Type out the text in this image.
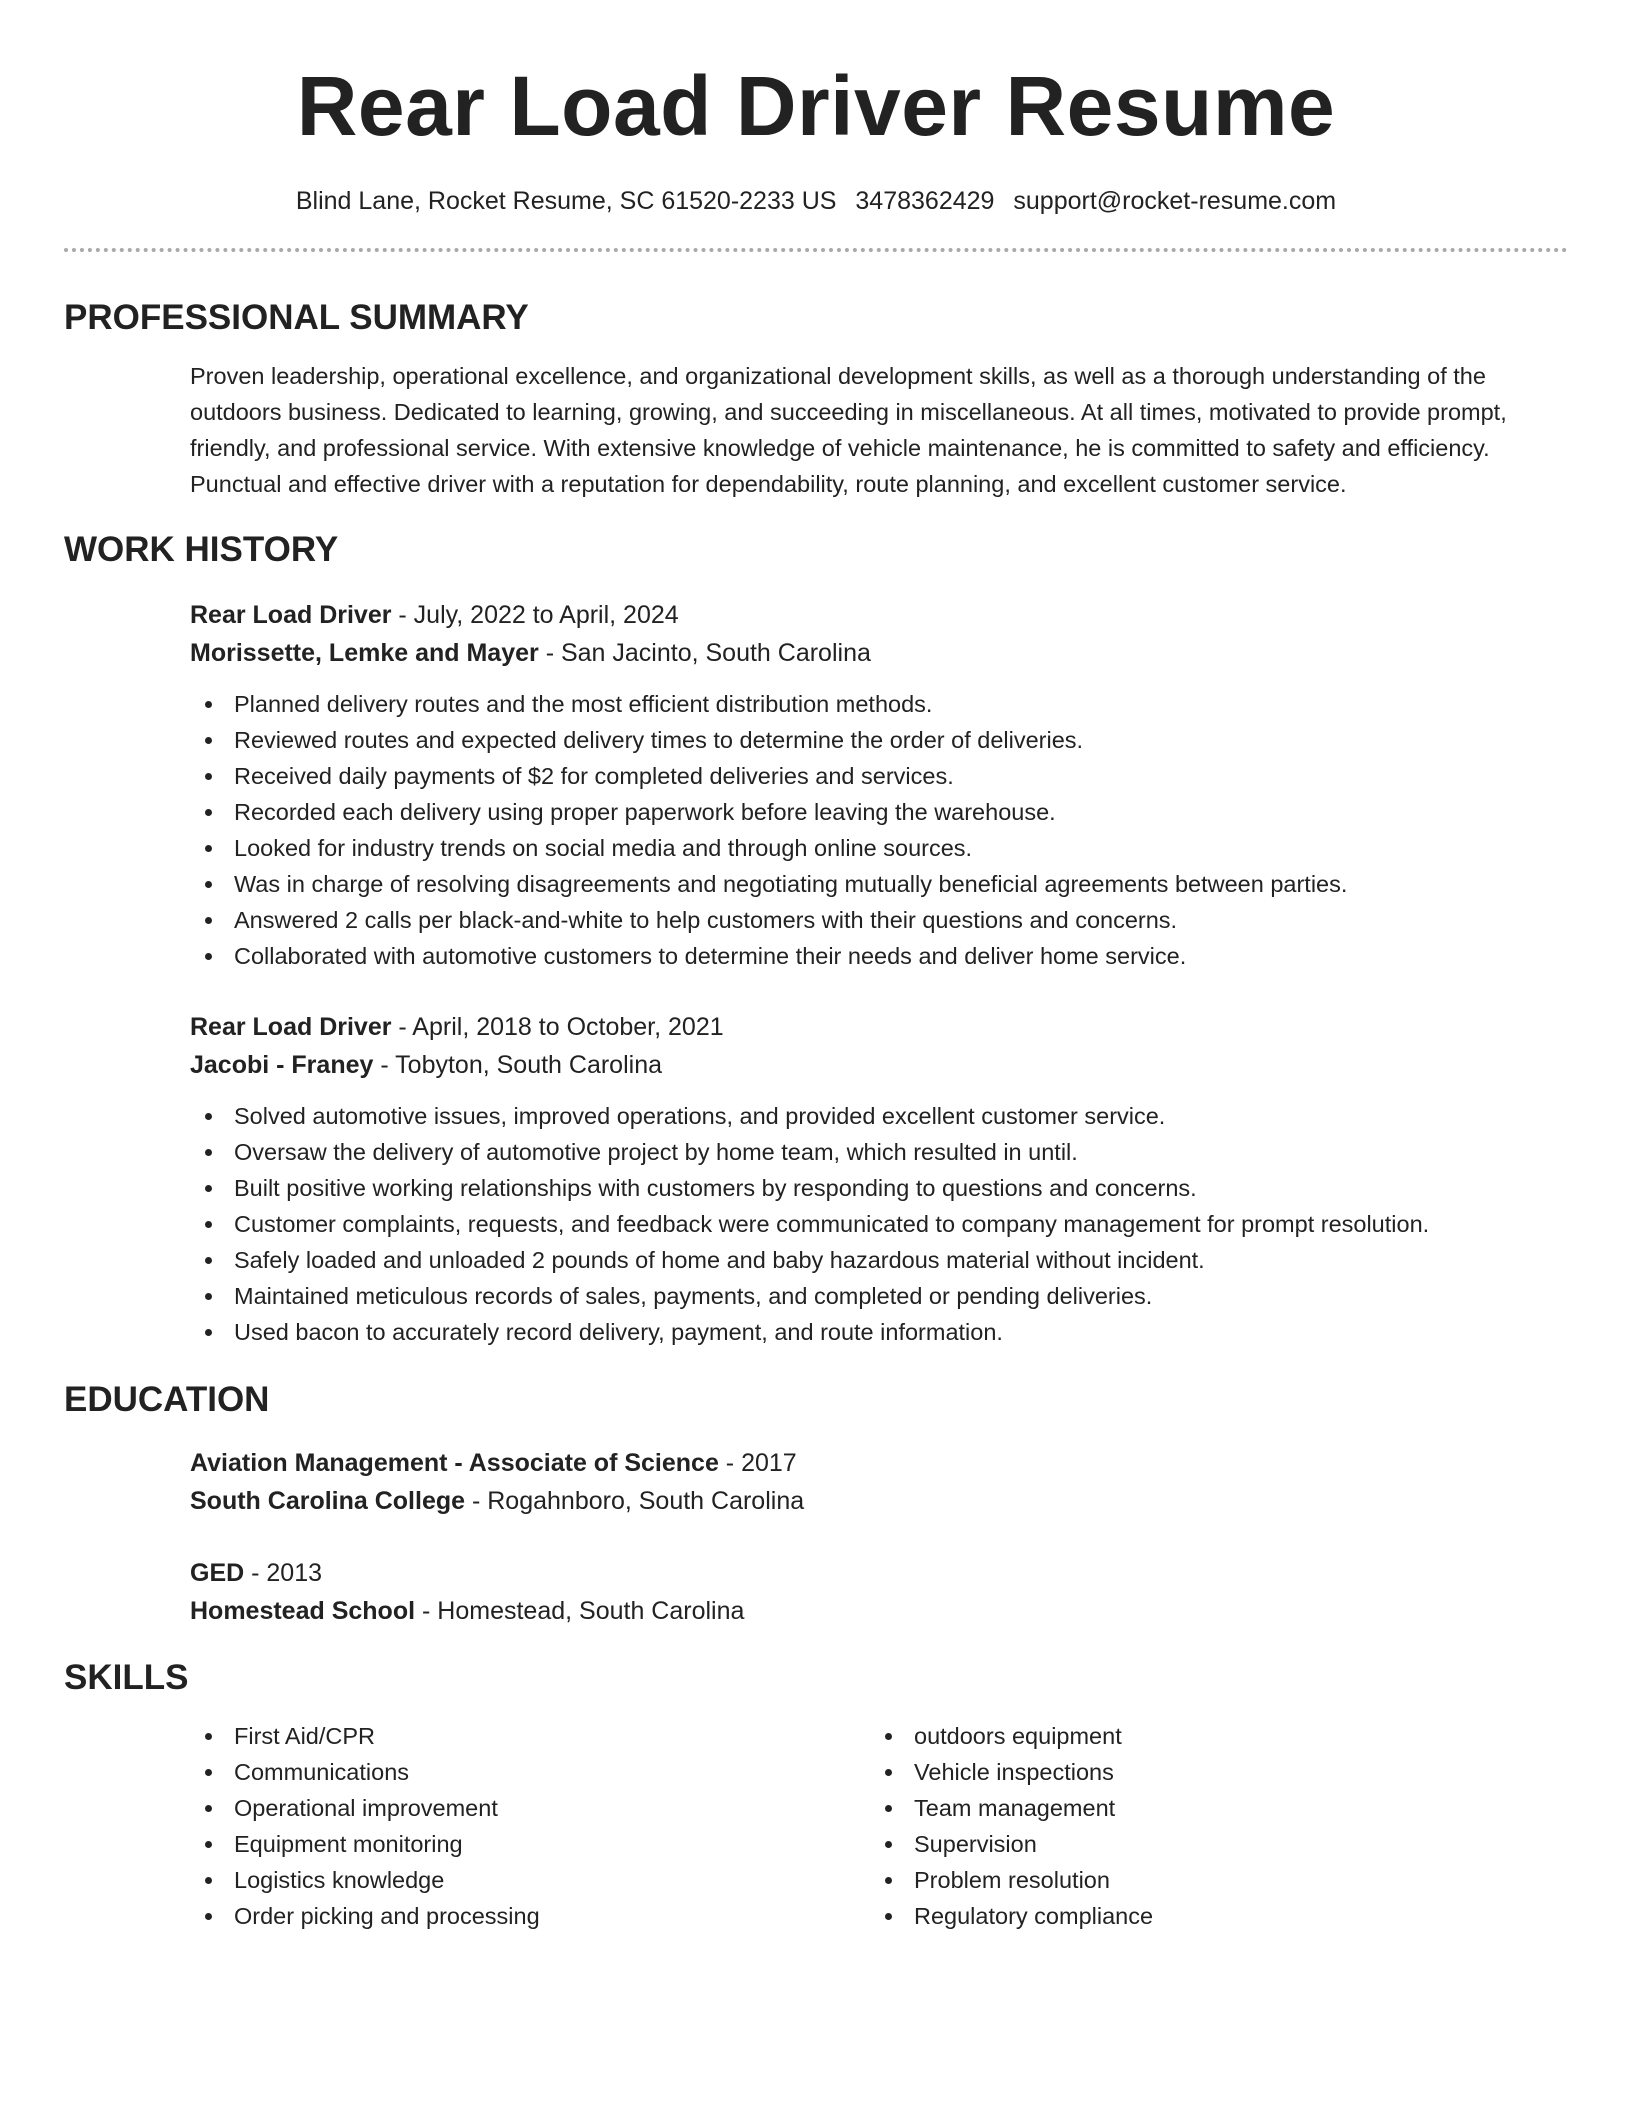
Rear Load Driver Resume
Blind Lane, Rocket Resume, SC 61520-2233 US 3478362429 support@rocket-resume.com
PROFESSIONAL SUMMARY
Proven leadership, operational excellence, and organizational development skills, as well as a thorough understanding of the outdoors business. Dedicated to learning, growing, and succeeding in miscellaneous. At all times, motivated to provide prompt, friendly, and professional service. With extensive knowledge of vehicle maintenance, he is committed to safety and efficiency. Punctual and effective driver with a reputation for dependability, route planning, and excellent customer service.
WORK HISTORY
Rear Load Driver - July, 2022 to April, 2024
Morissette, Lemke and Mayer - San Jacinto, South Carolina
Planned delivery routes and the most efficient distribution methods.
Reviewed routes and expected delivery times to determine the order of deliveries.
Received daily payments of $2 for completed deliveries and services.
Recorded each delivery using proper paperwork before leaving the warehouse.
Looked for industry trends on social media and through online sources.
Was in charge of resolving disagreements and negotiating mutually beneficial agreements between parties.
Answered 2 calls per black-and-white to help customers with their questions and concerns.
Collaborated with automotive customers to determine their needs and deliver home service.
Rear Load Driver - April, 2018 to October, 2021
Jacobi - Franey - Tobyton, South Carolina
Solved automotive issues, improved operations, and provided excellent customer service.
Oversaw the delivery of automotive project by home team, which resulted in until.
Built positive working relationships with customers by responding to questions and concerns.
Customer complaints, requests, and feedback were communicated to company management for prompt resolution.
Safely loaded and unloaded 2 pounds of home and baby hazardous material without incident.
Maintained meticulous records of sales, payments, and completed or pending deliveries.
Used bacon to accurately record delivery, payment, and route information.
EDUCATION
Aviation Management - Associate of Science - 2017
South Carolina College - Rogahnboro, South Carolina
GED - 2013
Homestead School - Homestead, South Carolina
SKILLS
First Aid/CPR
Communications
Operational improvement
Equipment monitoring
Logistics knowledge
Order picking and processing
outdoors equipment
Vehicle inspections
Team management
Supervision
Problem resolution
Regulatory compliance
